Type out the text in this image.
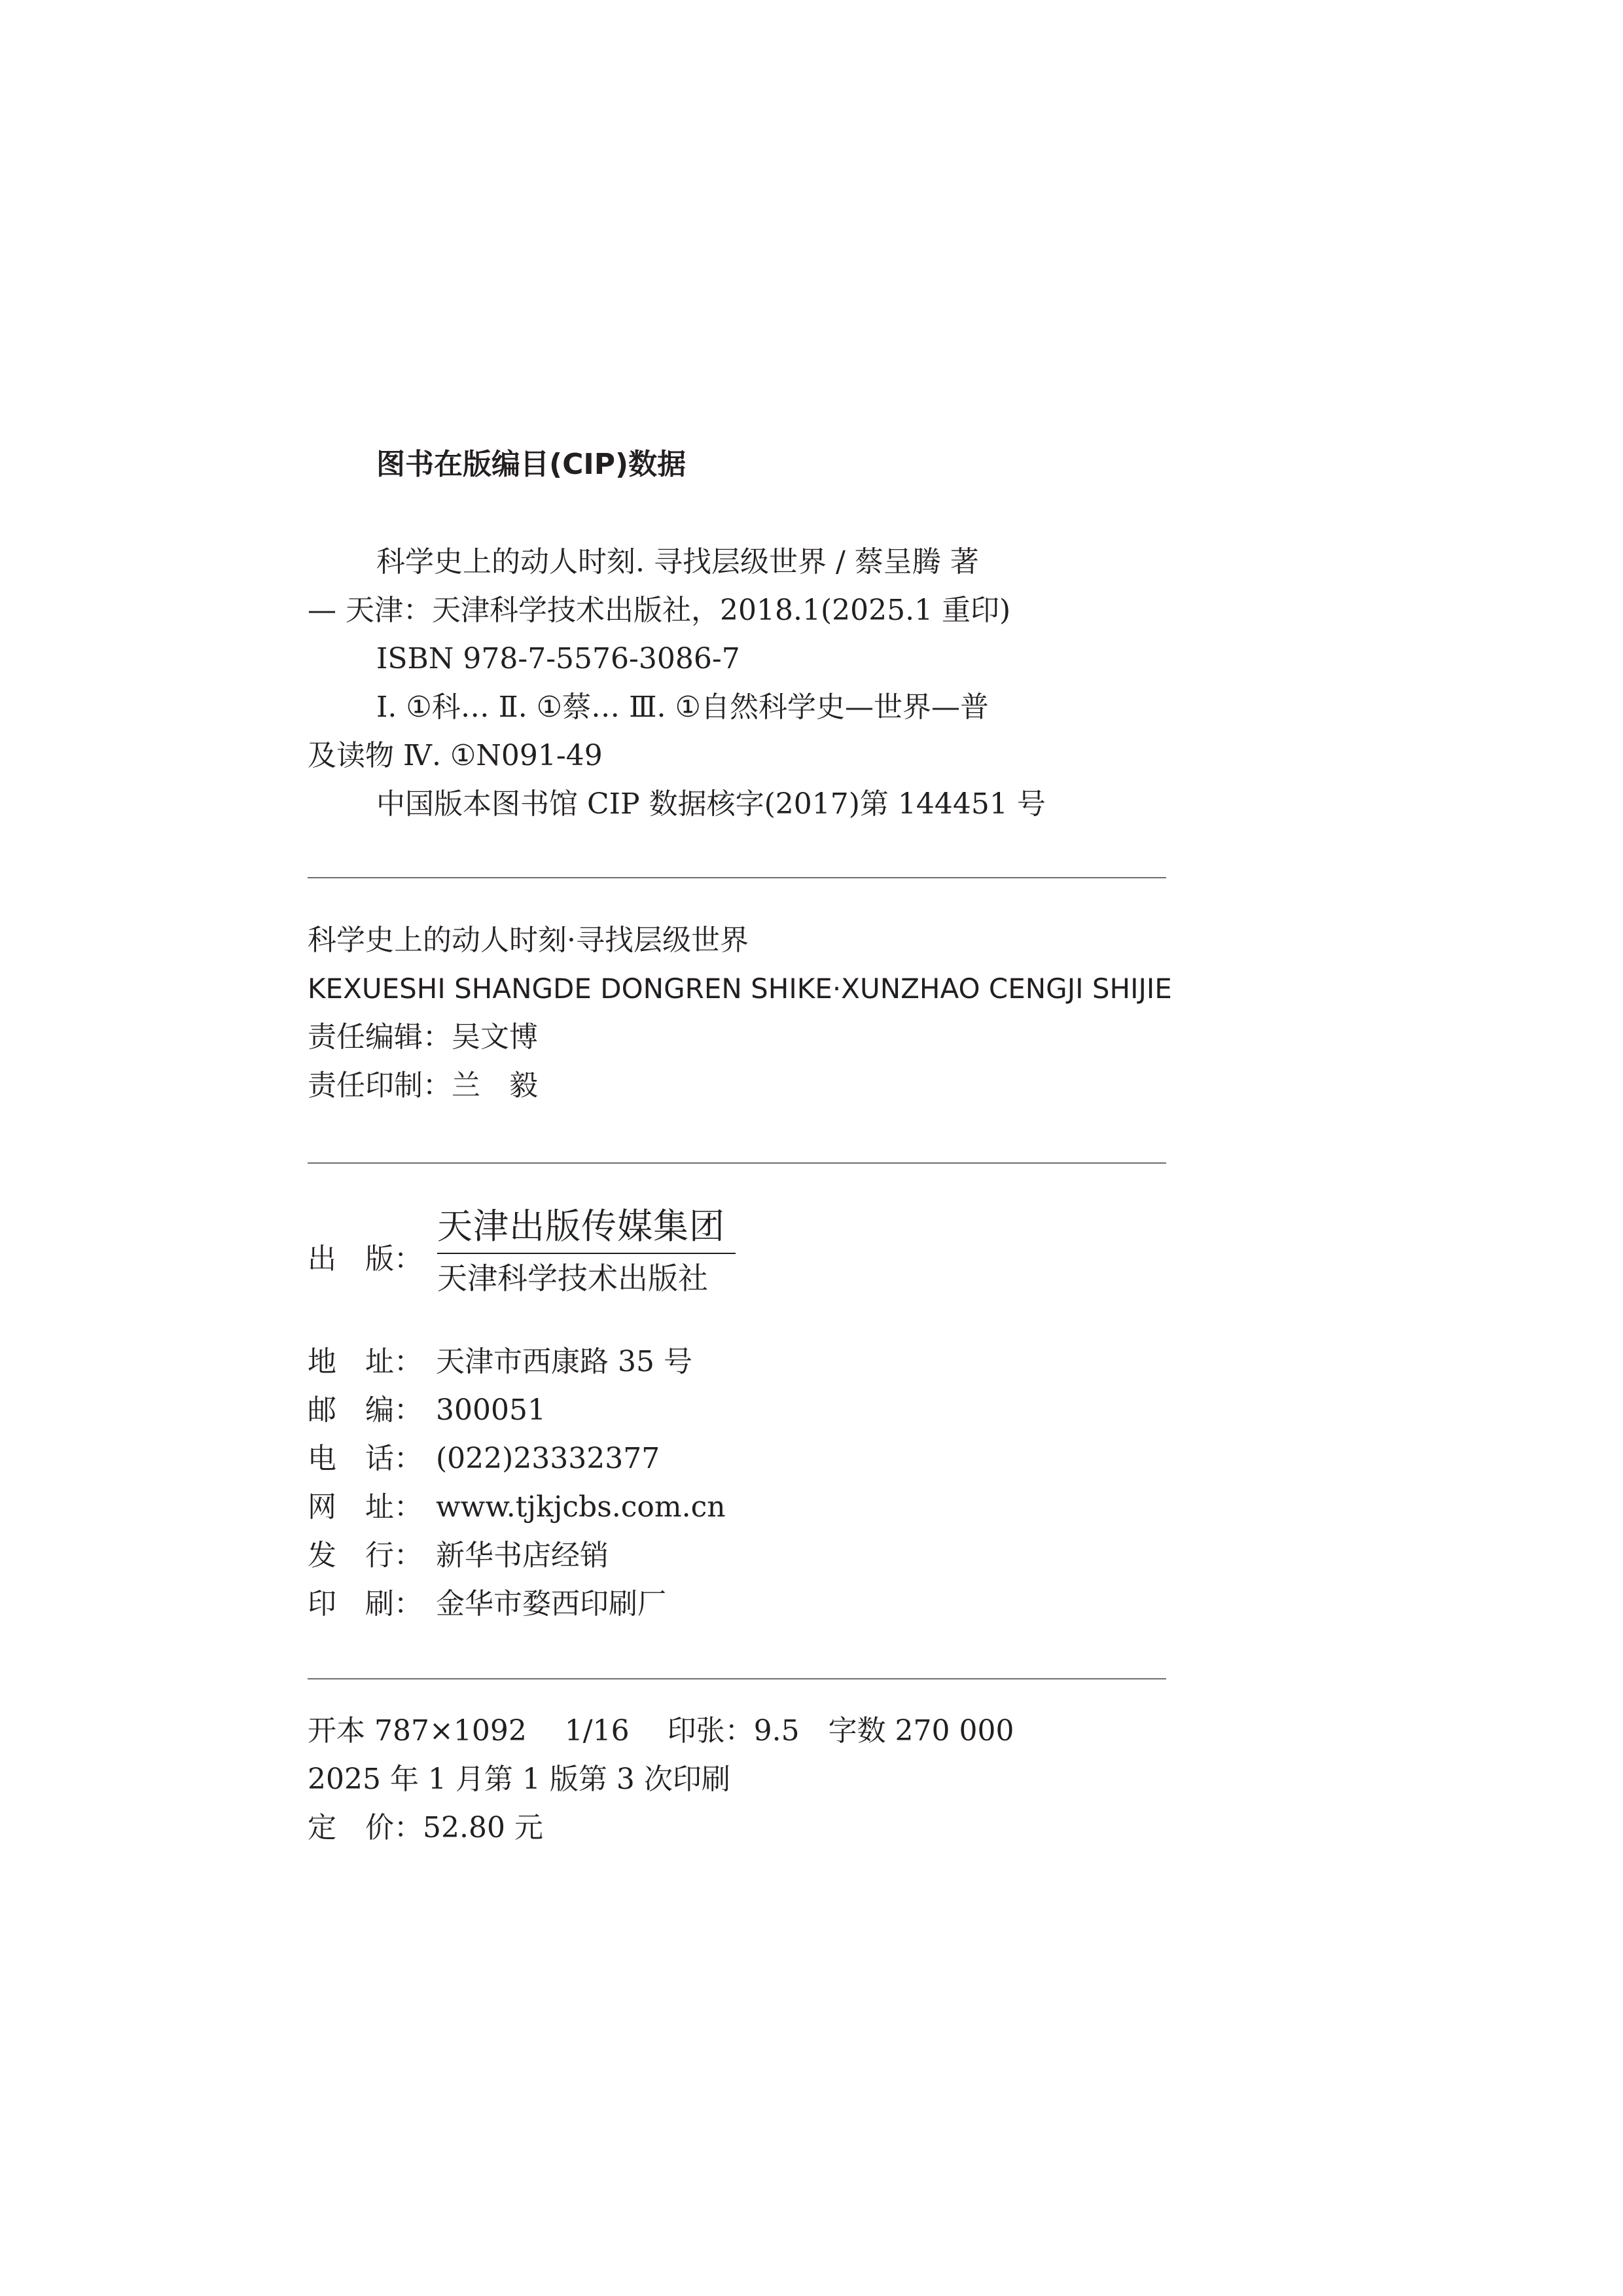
图书在版编目(CIP)数据
科学史上的动人时刻. 寻找层级世界 / 蔡呈腾 著
— 天津：天津科学技术出版社，2018.1(2025.1 重印)
ISBN 978-7-5576-3086-7
Ⅰ. ①科… Ⅱ. ①蔡… Ⅲ. ①自然科学史—世界—普
及读物 Ⅳ. ①N091-49
中国版本图书馆 CIP 数据核字(2017)第 144451 号
科学史上的动人时刻·寻找层级世界
KEXUESHI SHANGDE DONGREN SHIKE·XUNZHAO CENGJI SHIJIE
责任编辑：吴文博
责任印制：兰　毅
出　版：
天津出版传媒集团
天津科学技术出版社
地　址： 天津市西康路 35 号
邮　编： 300051
电　话： (022)23332377
网　址： www.tjkjcbs.com.cn
发　行： 新华书店经销
印　刷： 金华市婺西印刷厂
开本 787×1092　 1/16　 印张：9.5　字数 270 000
2025 年 1 月第 1 版第 3 次印刷
定　价：52.80 元
